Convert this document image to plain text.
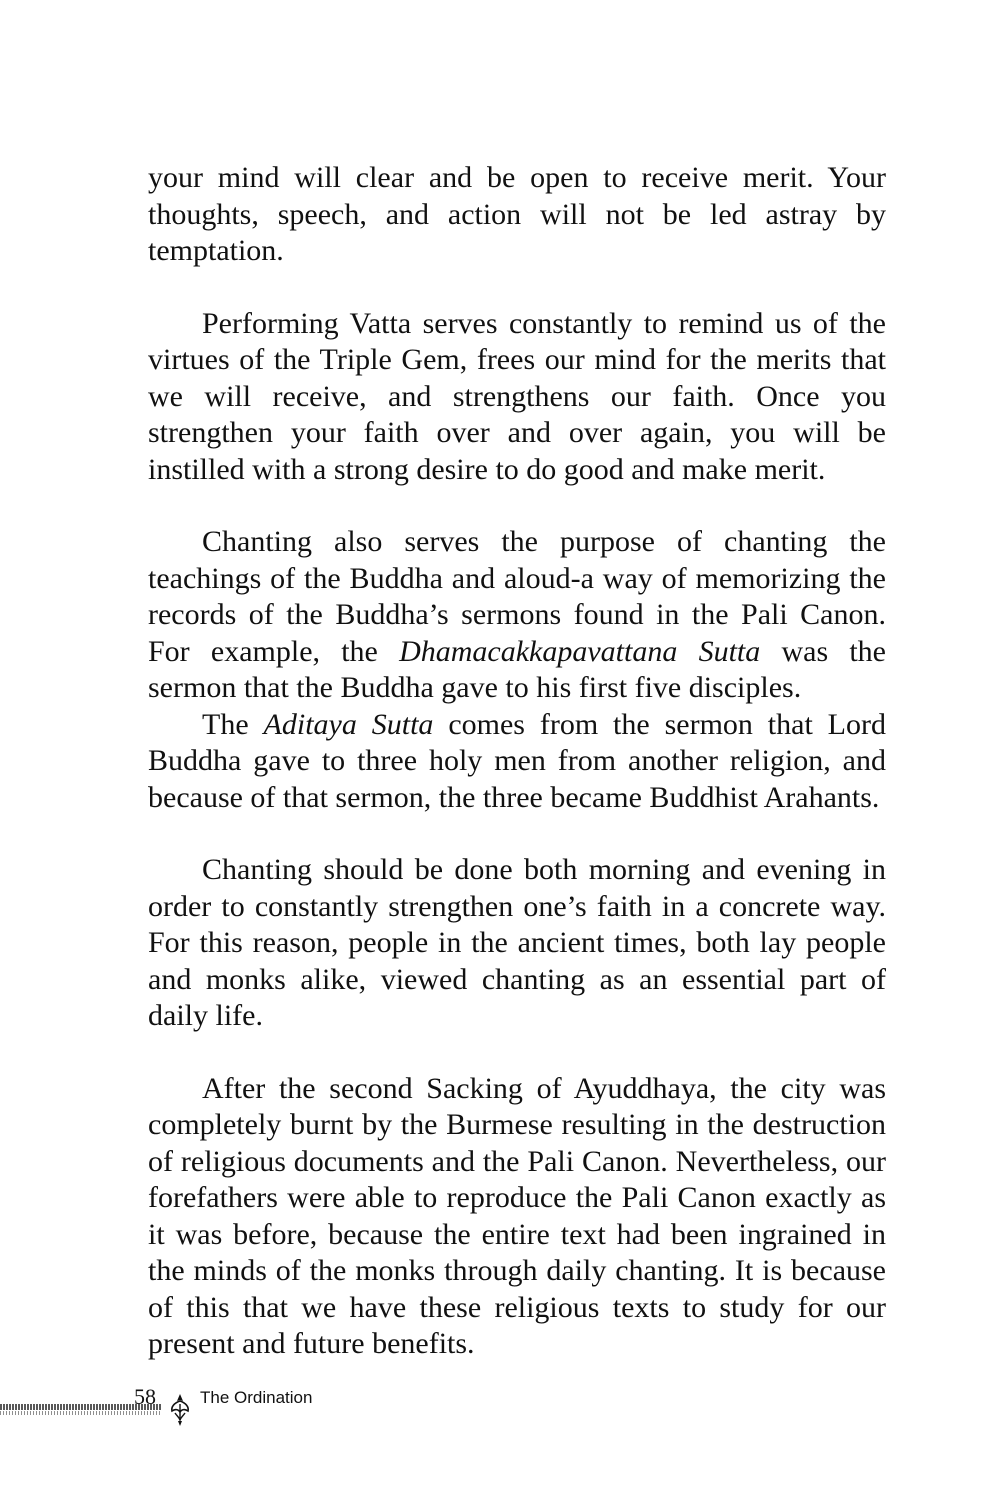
your mind will clear and be open to receive merit. Your thoughts, speech, and action will not be led astray by temptation.

Performing Vatta serves constantly to remind us of the virtues of the Triple Gem, frees our mind for the merits that we will receive, and strengthens our faith. Once you strengthen your faith over and over again, you will be instilled with a strong desire to do good and make merit.

Chanting also serves the purpose of chanting the teachings of the Buddha and aloud-a way of memorizing the records of the Buddha’s sermons found in the Pali Canon. For example, the Dhamacakkapavattana Sutta was the sermon that the Buddha gave to his first five disciples.

The Aditaya Sutta comes from the sermon that Lord Buddha gave to three holy men from another religion, and because of that sermon, the three became Buddhist Arahants.

Chanting should be done both morning and evening in order to constantly strengthen one’s faith in a concrete way. For this reason, people in the ancient times, both lay people and monks alike, viewed chanting as an essential part of daily life.

After the second Sacking of Ayuddhaya, the city was completely burnt by the Burmese resulting in the destruction of religious documents and the Pali Canon. Nevertheless, our forefathers were able to reproduce the Pali Canon exactly as it was before, because the entire text had been ingrained in the minds of the monks through daily chanting. It is because of this that we have these religious texts to study for our present and future benefits.

58	The Ordination
